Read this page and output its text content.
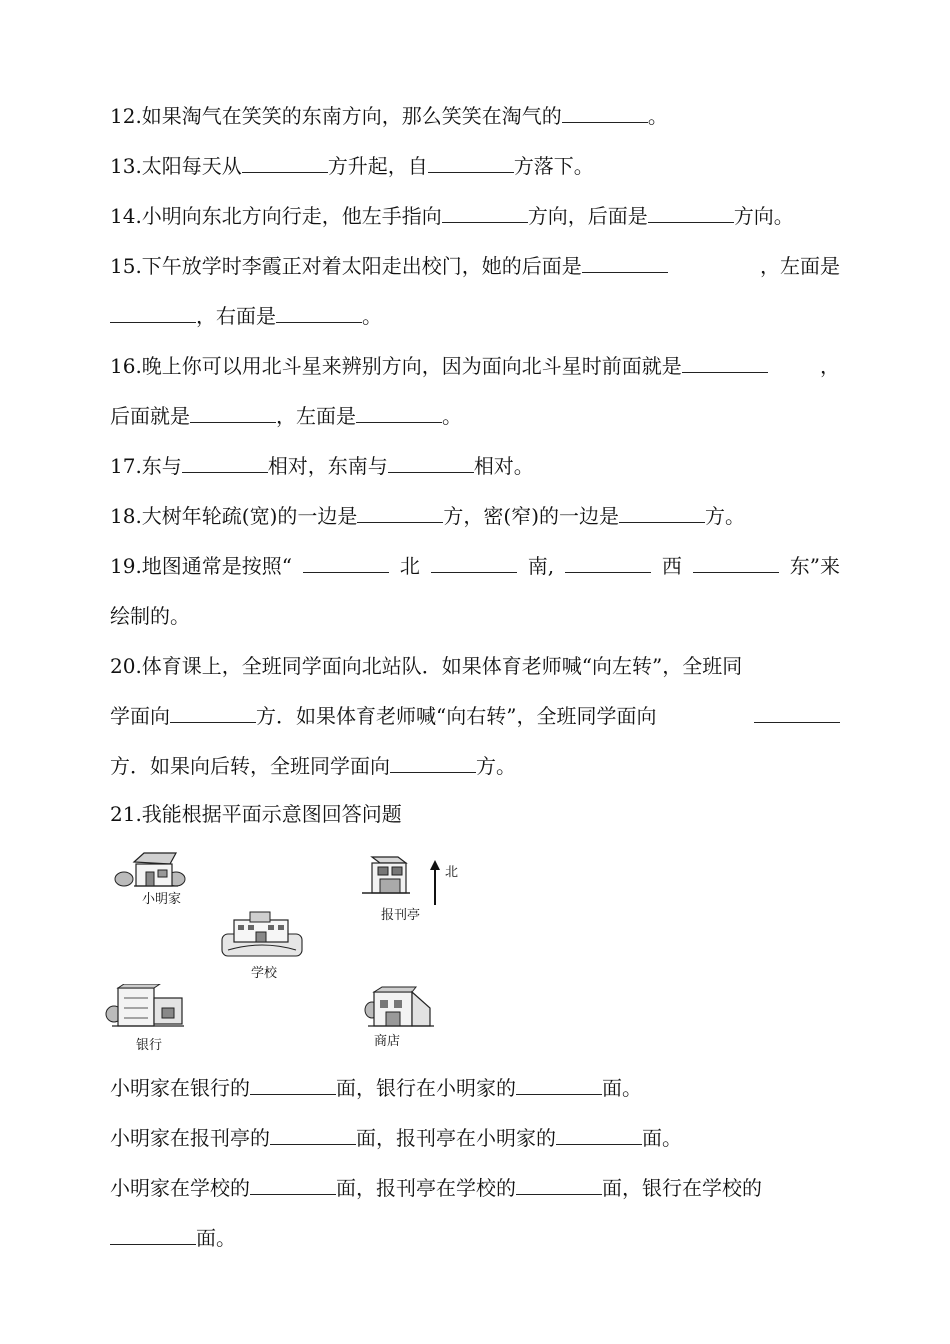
12.如果淘气在笑笑的东南方向，那么笑笑在淘气的	。
13.太阳每天从	方升起，自	方落下。
14.小明向东北方向行走，他左手指向	方向，后面是	方向。
15.下午放学时李霞正对着太阳走出校门，她的后面是	，左面是
，右面是	。
16.晚上你可以用北斗星来辨别方向，因为面向北斗星时前面就是	，
后面就是	，左面是	。
17.东与	相对，东南与	相对。
18.大树年轮疏(宽)的一边是	方，密(窄)的一边是	方。
19.地图通常是按照“	北	南,	西	东”来
绘制的。
20.体育课上，全班同学面向北站队．如果体育老师喊“向左转”，全班同
学面向	方．如果体育老师喊“向右转”，全班同学面向
方．如果向后转，全班同学面向	方。
21.我能根据平面示意图回答问题
小明家
报刊亭
北
学校
银行	商店
小明家在银行的	面，银行在小明家的	面。
小明家在报刊亭的	面，报刊亭在小明家的	面。
小明家在学校的	面，报刊亭在学校的	面，银行在学校的
面。
